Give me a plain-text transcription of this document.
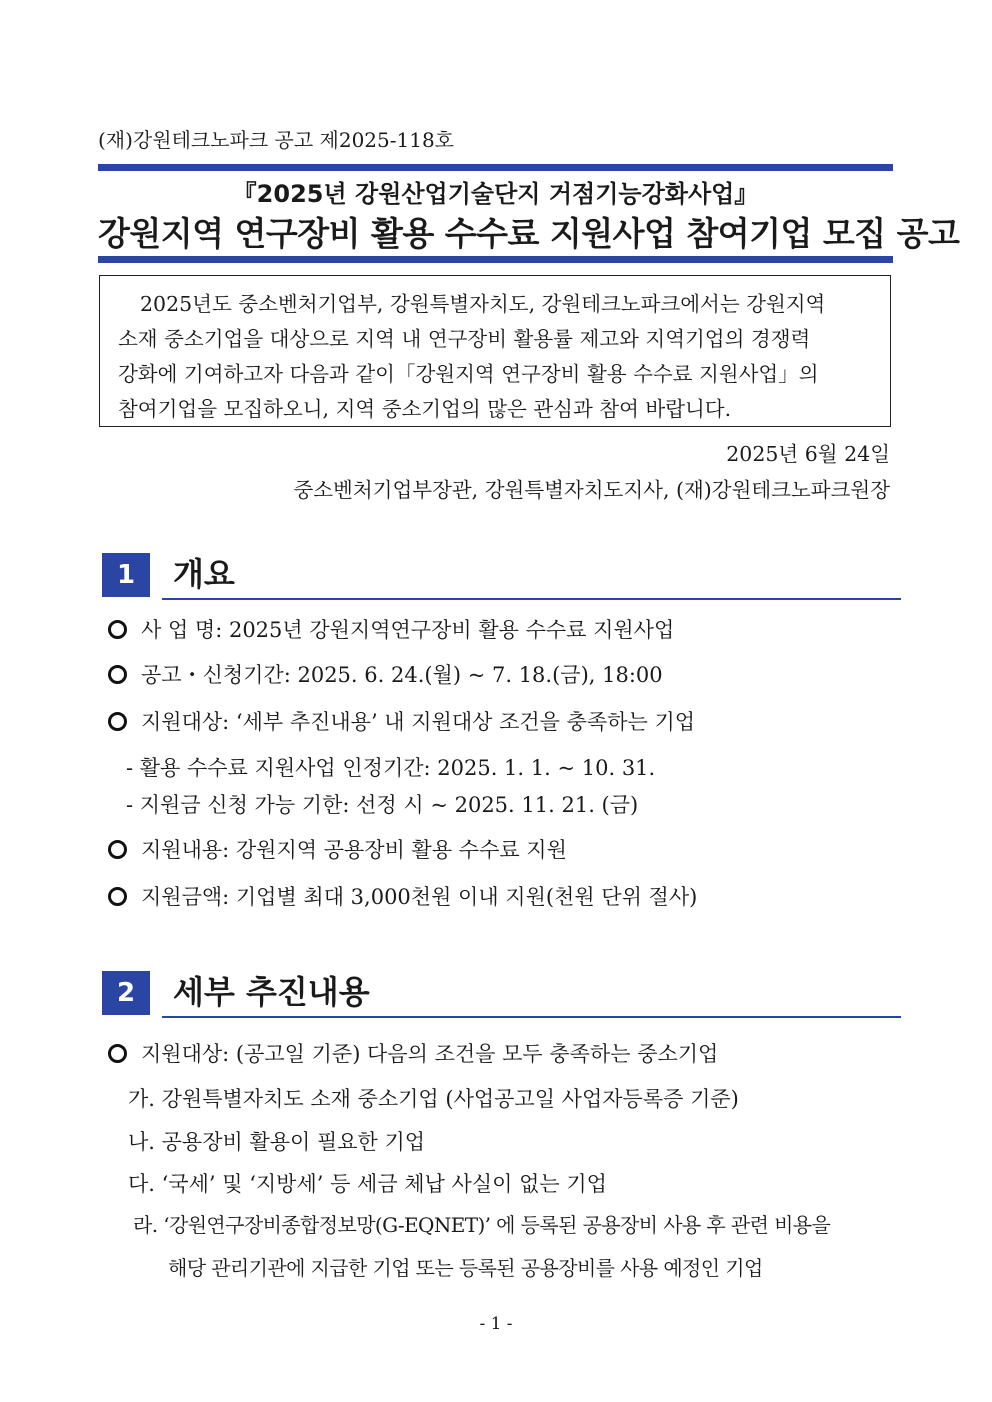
(재)강원테크노파크 공고 제2025-118호
『2025년 강원산업기술단지 거점기능강화사업』
강원지역 연구장비 활용 수수료 지원사업 참여기업 모집 공고
2025년도 중소벤처기업부, 강원특별자치도, 강원테크노파크에서는 강원지역
소재 중소기업을 대상으로 지역 내 연구장비 활용률 제고와 지역기업의 경쟁력
강화에 기여하고자 다음과 같이「강원지역 연구장비 활용 수수료 지원사업」의
참여기업을 모집하오니, 지역 중소기업의 많은 관심과 참여 바랍니다.
2025년 6월 24일
중소벤처기업부장관, 강원특별자치도지사, (재)강원테크노파크원장
1	개요
사 업 명: 2025년 강원지역연구장비 활용 수수료 지원사업
공고・신청기간: 2025. 6. 24.(월) ~ 7. 18.(금), 18:00
지원대상: ‘세부 추진내용’ 내 지원대상 조건을 충족하는 기업
- 활용 수수료 지원사업 인정기간: 2025. 1. 1. ~ 10. 31.
- 지원금 신청 가능 기한: 선정 시 ~ 2025. 11. 21. (금)
지원내용: 강원지역 공용장비 활용 수수료 지원
지원금액: 기업별 최대 3,000천원 이내 지원(천원 단위 절사)
2	세부 추진내용
지원대상: (공고일 기준) 다음의 조건을 모두 충족하는 중소기업
가. 강원특별자치도 소재 중소기업 (사업공고일 사업자등록증 기준)
나. 공용장비 활용이 필요한 기업
다. ‘국세’ 및 ‘지방세’ 등 세금 체납 사실이 없는 기업
라. ‘강원연구장비종합정보망(G-EQNET)’ 에 등록된 공용장비 사용 후 관련 비용을
해당 관리기관에 지급한 기업 또는 등록된 공용장비를 사용 예정인 기업
- 1 -
